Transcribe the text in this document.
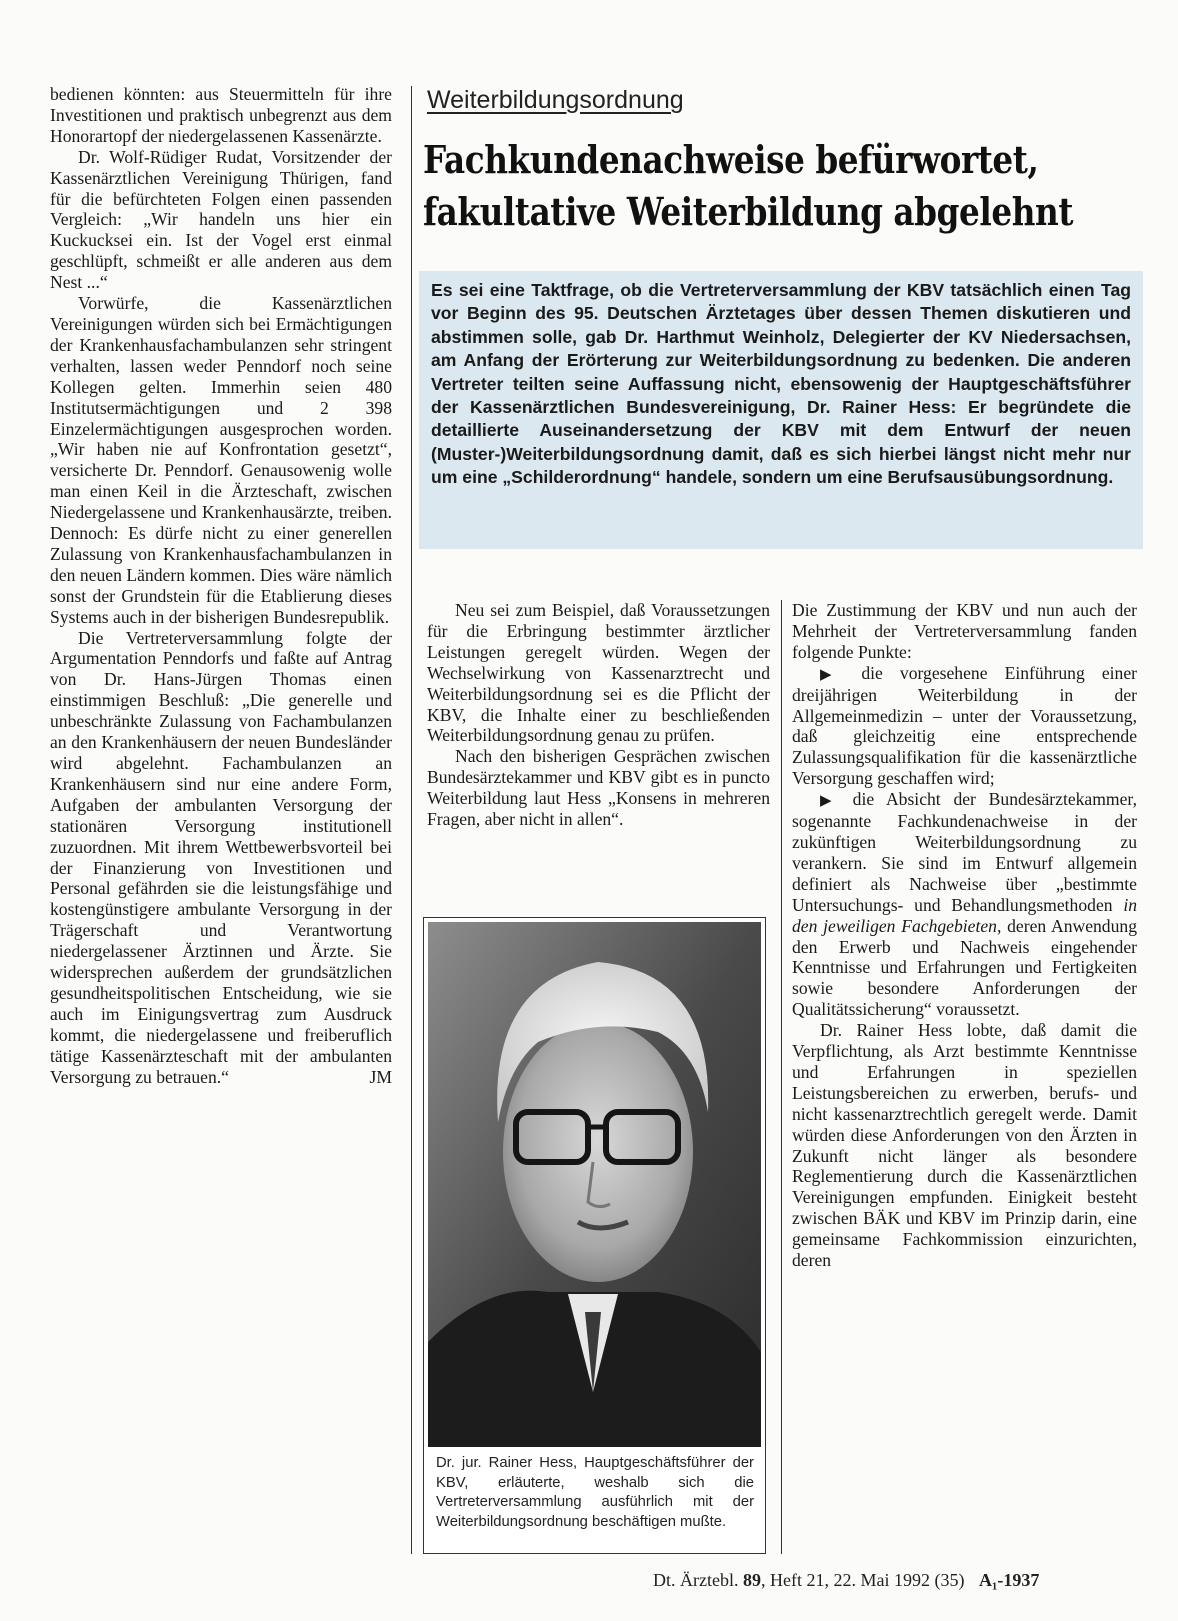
bedienen könnten: aus Steuermitteln für ihre Investitionen und praktisch unbegrenzt aus dem Honorartopf der niedergelassenen Kassenärzte.

Dr. Wolf-Rüdiger Rudat, Vorsitzender der Kassenärztlichen Vereinigung Thürigen, fand für die befürchteten Folgen einen passenden Vergleich: „Wir handeln uns hier ein Kuckucksei ein. Ist der Vogel erst einmal geschlüpft, schmeißt er alle anderen aus dem Nest ...“

Vorwürfe, die Kassenärztlichen Vereinigungen würden sich bei Ermächtigungen der Krankenhausfachambulanzen sehr stringent verhalten, lassen weder Penndorf noch seine Kollegen gelten. Immerhin seien 480 Institutsermächtigungen und 2 398 Einzelermächtigungen ausgesprochen worden. „Wir haben nie auf Konfrontation gesetzt“, versicherte Dr. Penndorf. Genausowenig wolle man einen Keil in die Ärzteschaft, zwischen Niedergelassene und Krankenhausärzte, treiben. Dennoch: Es dürfe nicht zu einer generellen Zulassung von Krankenhausfachambulanzen in den neuen Ländern kommen. Dies wäre nämlich sonst der Grundstein für die Etablierung dieses Systems auch in der bisherigen Bundesrepublik.

Die Vertreterversammlung folgte der Argumentation Penndorfs und faßte auf Antrag von Dr. Hans-Jürgen Thomas einen einstimmigen Beschluß: „Die generelle und unbeschränkte Zulassung von Fachambulanzen an den Krankenhäusern der neuen Bundesländer wird abgelehnt. Fachambulanzen an Krankenhäusern sind nur eine andere Form, Aufgaben der ambulanten Versorgung der stationären Versorgung institutionell zuzuordnen. Mit ihrem Wettbewerbsvorteil bei der Finanzierung von Investitionen und Personal gefährden sie die leistungsfähige und kostengünstigere ambulante Versorgung in der Trägerschaft und Verantwortung niedergelassener Ärztinnen und Ärzte. Sie widersprechen außerdem der grundsätzlichen gesundheitspolitischen Entscheidung, wie sie auch im Einigungsvertrag zum Ausdruck kommt, die niedergelassene und freiberuflich tätige Kassenärzteschaft mit der ambulanten Versorgung zu betrauen.“	JM

Weiterbildungsordnung
Fachkundenachweise befürwortet,
fakultative Weiterbildung abgelehnt
Es sei eine Taktfrage, ob die Vertreterversammlung der KBV tatsächlich einen Tag vor Beginn des 95. Deutschen Ärztetages über dessen Themen diskutieren und abstimmen solle, gab Dr. Harthmut Weinholz, Delegierter der KV Niedersachsen, am Anfang der Erörterung zur Weiterbildungsordnung zu bedenken. Die anderen Vertreter teilten seine Auffassung nicht, ebensowenig der Hauptgeschäftsführer der Kassenärztlichen Bundesvereinigung, Dr. Rainer Hess: Er begründete die detaillierte Auseinandersetzung der KBV mit dem Entwurf der neuen (Muster-)Weiterbildungsordnung damit, daß es sich hierbei längst nicht mehr nur um eine „Schilderordnung“ handele, sondern um eine Berufsausübungsordnung.

Neu sei zum Beispiel, daß Voraussetzungen für die Erbringung bestimmter ärztlicher Leistungen geregelt würden. Wegen der Wechselwirkung von Kassenarztrecht und Weiterbildungsordnung sei es die Pflicht der KBV, die Inhalte einer zu beschließenden Weiterbildungsordnung genau zu prüfen.

Nach den bisherigen Gesprächen zwischen Bundesärztekammer und KBV gibt es in puncto Weiterbildung laut Hess „Konsens in mehreren Fragen, aber nicht in allen“.

Dr. jur. Rainer Hess, Hauptgeschäftsführer der KBV, erläuterte, weshalb sich die Vertreterversammlung ausführlich mit der Weiterbildungsordnung beschäftigen mußte.

Die Zustimmung der KBV und nun auch der Mehrheit der Vertreterversammlung fanden folgende Punkte:

▶ die vorgesehene Einführung einer dreijährigen Weiterbildung in der Allgemeinmedizin – unter der Voraussetzung, daß gleichzeitig eine entsprechende Zulassungsqualifikation für die kassenärztliche Versorgung geschaffen wird;

▶ die Absicht der Bundesärztekammer, sogenannte Fachkundenachweise in der zukünftigen Weiterbildungsordnung zu verankern. Sie sind im Entwurf allgemein definiert als Nachweise über „bestimmte Untersuchungs- und Behandlungsmethoden in den jeweiligen Fachgebieten, deren Anwendung den Erwerb und Nachweis eingehender Kenntnisse und Erfahrungen und Fertigkeiten sowie besondere Anforderungen der Qualitätssicherung“ voraussetzt.

Dr. Rainer Hess lobte, daß damit die Verpflichtung, als Arzt bestimmte Kenntnisse und Erfahrungen in speziellen Leistungsbereichen zu erwerben, berufs- und nicht kassenarztrechtlich geregelt werde. Damit würden diese Anforderungen von den Ärzten in Zukunft nicht länger als besondere Reglementierung durch die Kassenärztlichen Vereinigungen empfunden. Einigkeit besteht zwischen BÄK und KBV im Prinzip darin, eine gemeinsame Fachkommission einzurichten, deren

Dt. Ärztebl. 89, Heft 21, 22. Mai 1992 (35) A₁-1937
